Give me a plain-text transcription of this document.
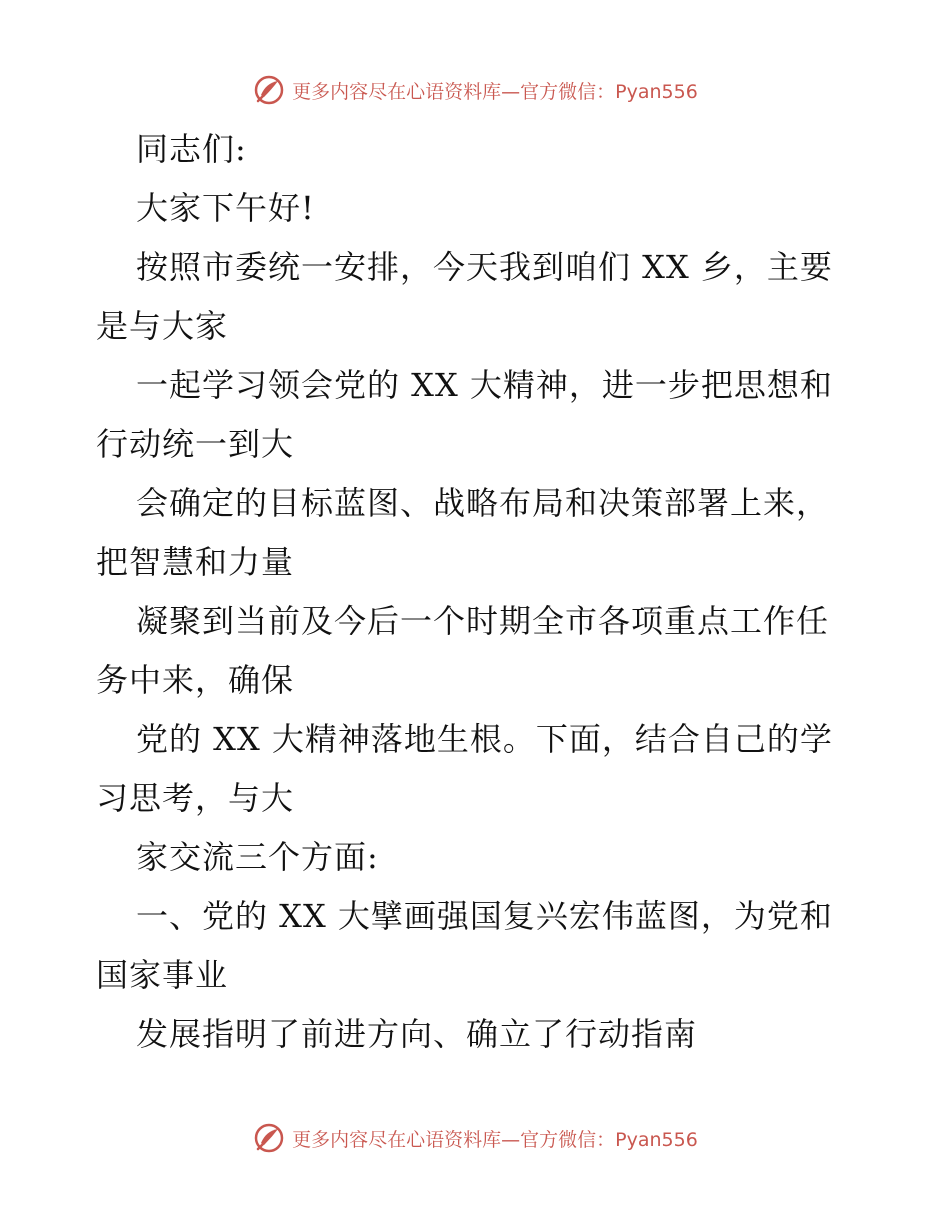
更多内容尽在心语资料库—官方微信：Pyan556

同志们:

大家下午好!

按照市委统一安排，今天我到咱们 XX 乡，主要
是与大家

一起学习领会党的 XX 大精神，进一步把思想和
行动统一到大

会确定的目标蓝图、战略布局和决策部署上来，
把智慧和力量

凝聚到当前及今后一个时期全市各项重点工作任
务中来，确保

党的 XX 大精神落地生根。下面，结合自己的学
习思考，与大

家交流三个方面:

一、党的 XX 大擘画强国复兴宏伟蓝图，为党和
国家事业

发展指明了前进方向、确立了行动指南

更多内容尽在心语资料库—官方微信：Pyan556
